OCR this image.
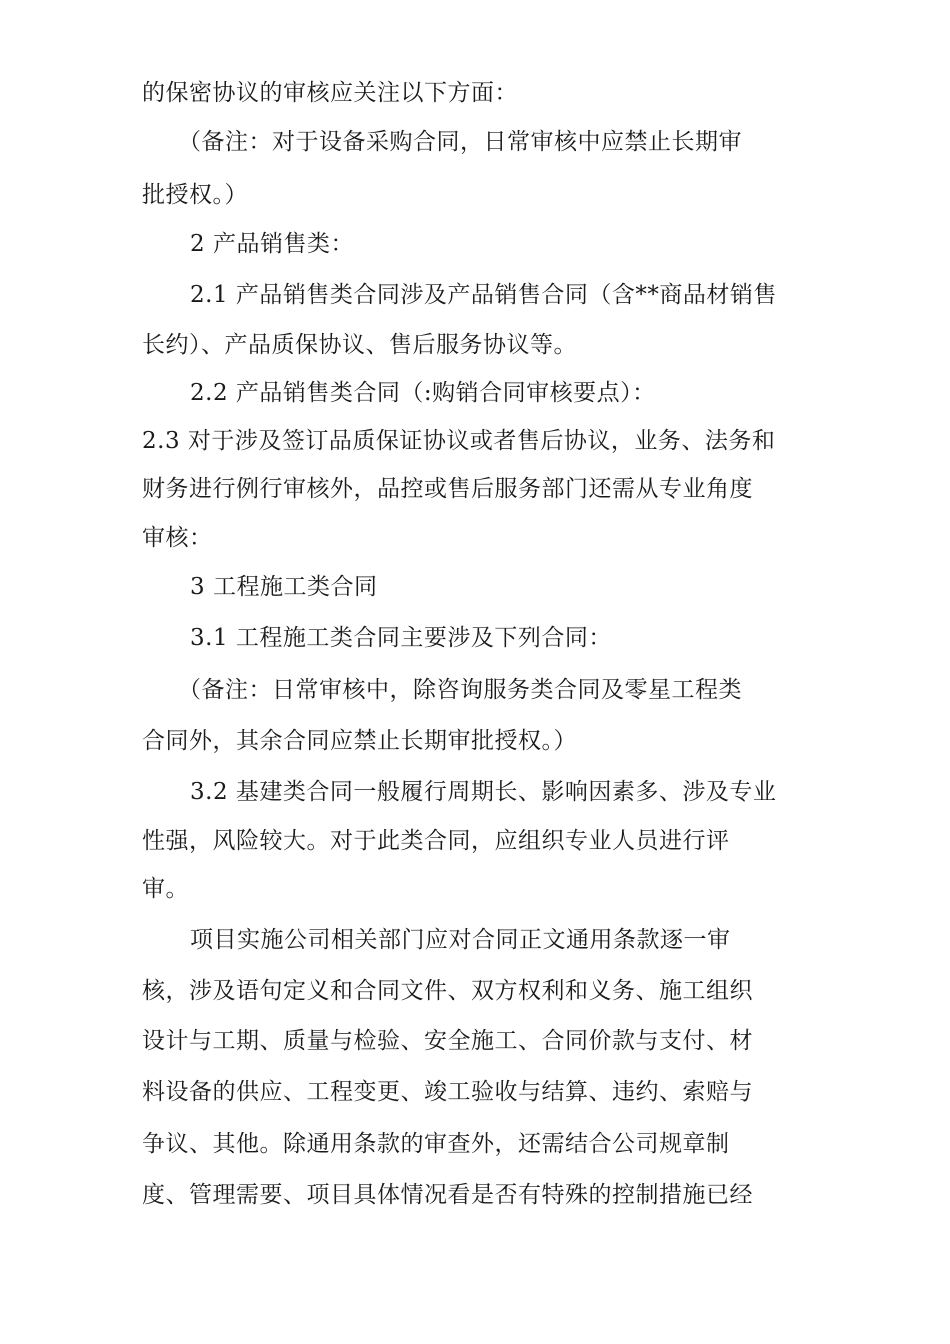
的保密协议的审核应关注以下方面：
（备注：对于设备采购合同，日常审核中应禁止长期审
批授权。）
2 产品销售类：
2.1 产品销售类合同涉及产品销售合同（含**商品材销售
长约）、产品质保协议、售后服务协议等。
2.2 产品销售类合同（:购销合同审核要点）：
2.3 对于涉及签订品质保证协议或者售后协议，业务、法务和
财务进行例行审核外，品控或售后服务部门还需从专业角度
审核：
3 工程施工类合同
3.1 工程施工类合同主要涉及下列合同：
（备注：日常审核中，除咨询服务类合同及零星工程类
合同外，其余合同应禁止长期审批授权。）
3.2 基建类合同一般履行周期长、影响因素多、涉及专业
性强，风险较大。对于此类合同，应组织专业人员进行评
审。
项目实施公司相关部门应对合同正文通用条款逐一审
核，涉及语句定义和合同文件、双方权利和义务、施工组织
设计与工期、质量与检验、安全施工、合同价款与支付、材
料设备的供应、工程变更、竣工验收与结算、违约、索赔与
争议、其他。除通用条款的审查外，还需结合公司规章制
度、管理需要、项目具体情况看是否有特殊的控制措施已经
